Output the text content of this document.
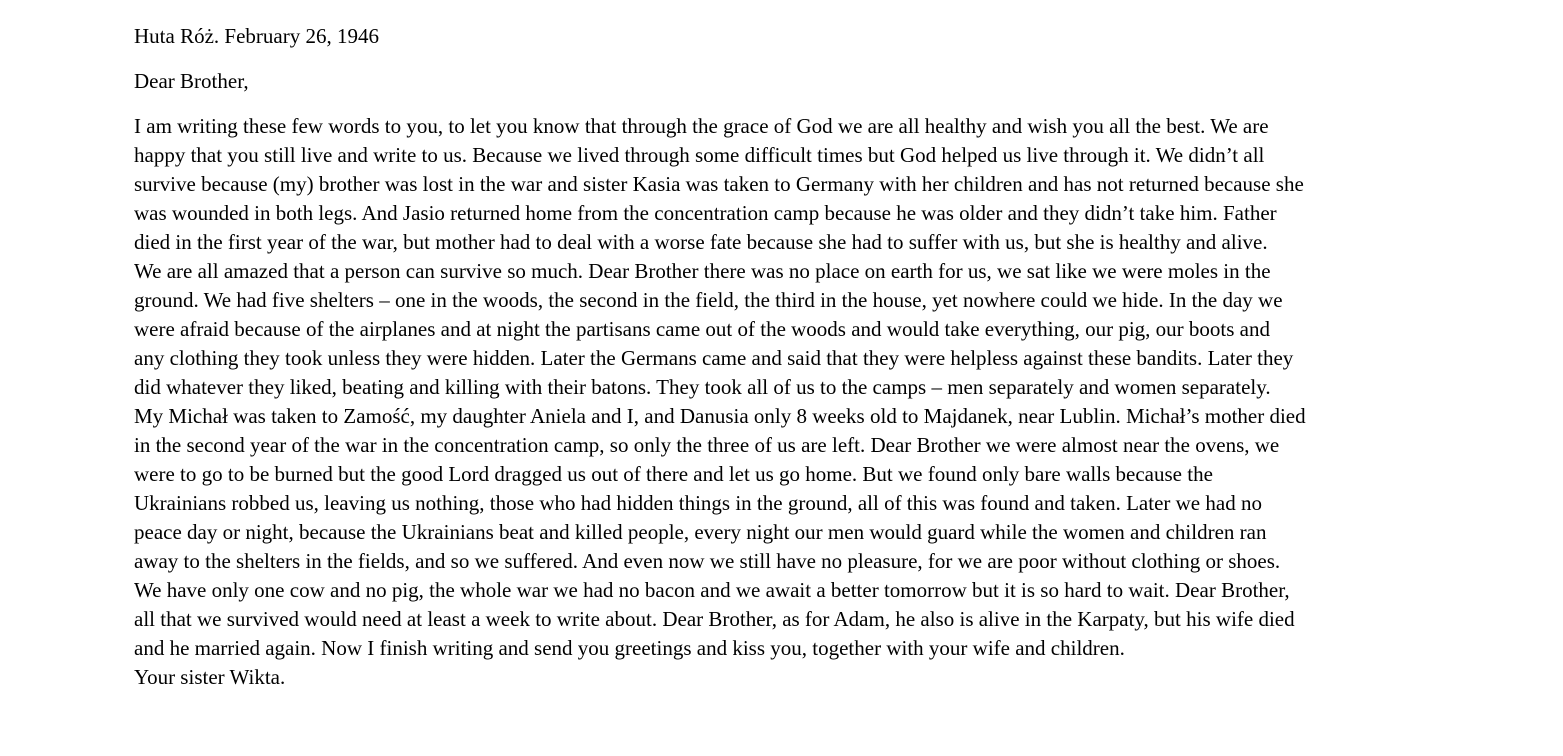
Huta Róż. February 26, 1946

Dear Brother,

I am writing these few words to you, to let you know that through the grace of God we are all healthy and wish you all the best. We are
happy that you still live and write to us. Because we lived through some difficult times but God helped us live through it. We didn’t all
survive because (my) brother was lost in the war and sister Kasia was taken to Germany with her children and has not returned because she
was wounded in both legs. And Jasio returned home from the concentration camp because he was older and they didn’t take him. Father
died in the first year of the war, but mother had to deal with a worse fate because she had to suffer with us, but she is healthy and alive.
We are all amazed that a person can survive so much. Dear Brother there was no place on earth for us, we sat like we were moles in the
ground. We had five shelters – one in the woods, the second in the field, the third in the house, yet nowhere could we hide. In the day we
were afraid because of the airplanes and at night the partisans came out of the woods and would take everything, our pig, our boots and
any clothing they took unless they were hidden. Later the Germans came and said that they were helpless against these bandits. Later they
did whatever they liked, beating and killing with their batons. They took all of us to the camps – men separately and women separately.
My Michał was taken to Zamość, my daughter Aniela and I, and Danusia only 8 weeks old to Majdanek, near Lublin. Michał’s mother died
in the second year of the war in the concentration camp, so only the three of us are left. Dear Brother we were almost near the ovens, we
were to go to be burned but the good Lord dragged us out of there and let us go home. But we found only bare walls because the
Ukrainians robbed us, leaving us nothing, those who had hidden things in the ground, all of this was found and taken. Later we had no
peace day or night, because the Ukrainians beat and killed people, every night our men would guard while the women and children ran
away to the shelters in the fields, and so we suffered. And even now we still have no pleasure, for we are poor without clothing or shoes.
We have only one cow and no pig, the whole war we had no bacon and we await a better tomorrow but it is so hard to wait. Dear Brother,
all that we survived would need at least a week to write about. Dear Brother, as for Adam, he also is alive in the Karpaty, but his wife died
and he married again. Now I finish writing and send you greetings and kiss you, together with your wife and children.
Your sister Wikta.
